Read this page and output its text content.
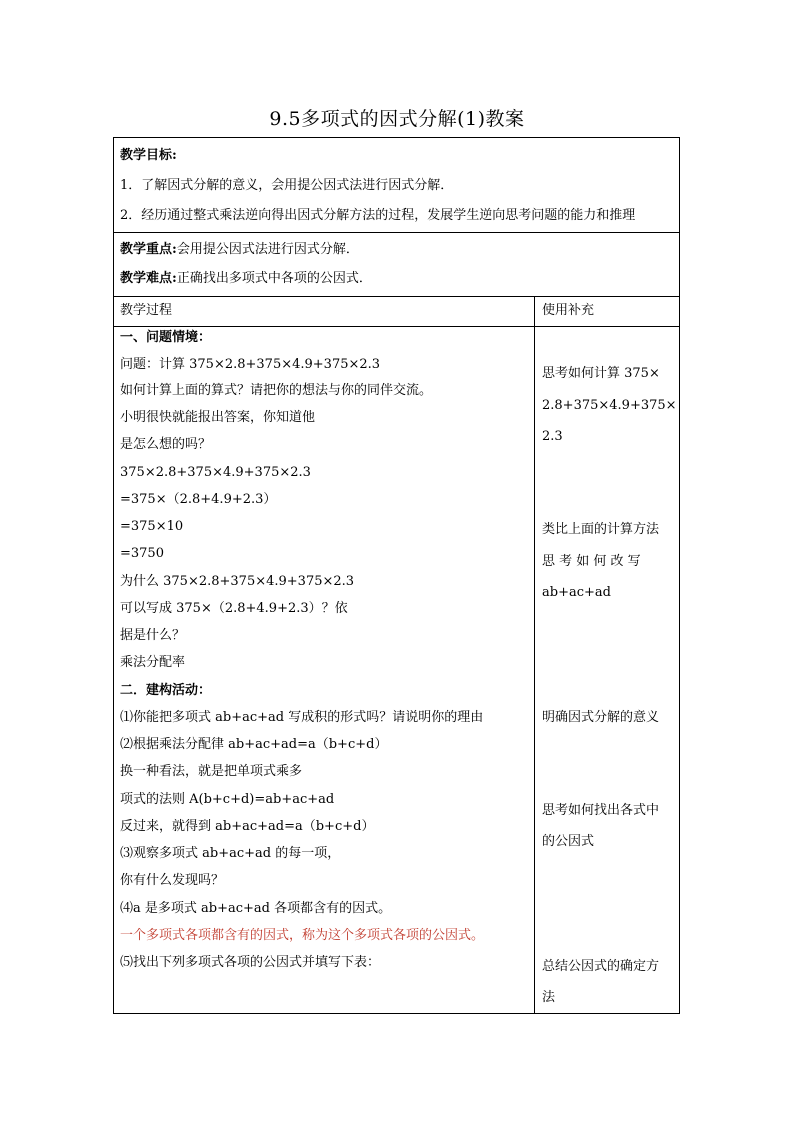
9.5多项式的因式分解(1)教案
教学目标:
1．了解因式分解的意义，会用提公因式法进行因式分解．
2．经历通过整式乘法逆向得出因式分解方法的过程，发展学生逆向思考问题的能力和推理
教学重点:会用提公因式法进行因式分解．
教学难点:正确找出多项式中各项的公因式．
教学过程	使用补充
一、问题情境：
问题：计算 375×2.8+375×4.9+375×2.3
如何计算上面的算式？请把你的想法与你的同伴交流。
小明很快就能报出答案，你知道他
是怎么想的吗？
375×2.8+375×4.9+375×2.3
=375×（2.8+4.9+2.3）
=375×10
=3750
为什么 375×2.8+375×4.9+375×2.3
可以写成 375×（2.8+4.9+2.3）？依
据是什么？
乘法分配率
二．建构活动：
⑴你能把多项式 ab+ac+ad 写成积的形式吗？请说明你的理由
⑵根据乘法分配律 ab+ac+ad=a（b+c+d）
换一种看法，就是把单项式乘多
项式的法则 A(b+c+d)=ab+ac+ad
反过来，就得到 ab+ac+ad=a（b+c+d）
⑶观察多项式 ab+ac+ad 的每一项，
你有什么发现吗？
⑷a 是多项式 ab+ac+ad 各项都含有的因式。
一个多项式各项都含有的因式，称为这个多项式各项的公因式。
⑸找出下列多项式各项的公因式并填写下表：
思考如何计算 375×
2.8+375×4.9+375×
2.3
类比上面的计算方法
思 考 如 何 改 写
ab+ac+ad
明确因式分解的意义
思考如何找出各式中
的公因式
总结公因式的确定方
法
